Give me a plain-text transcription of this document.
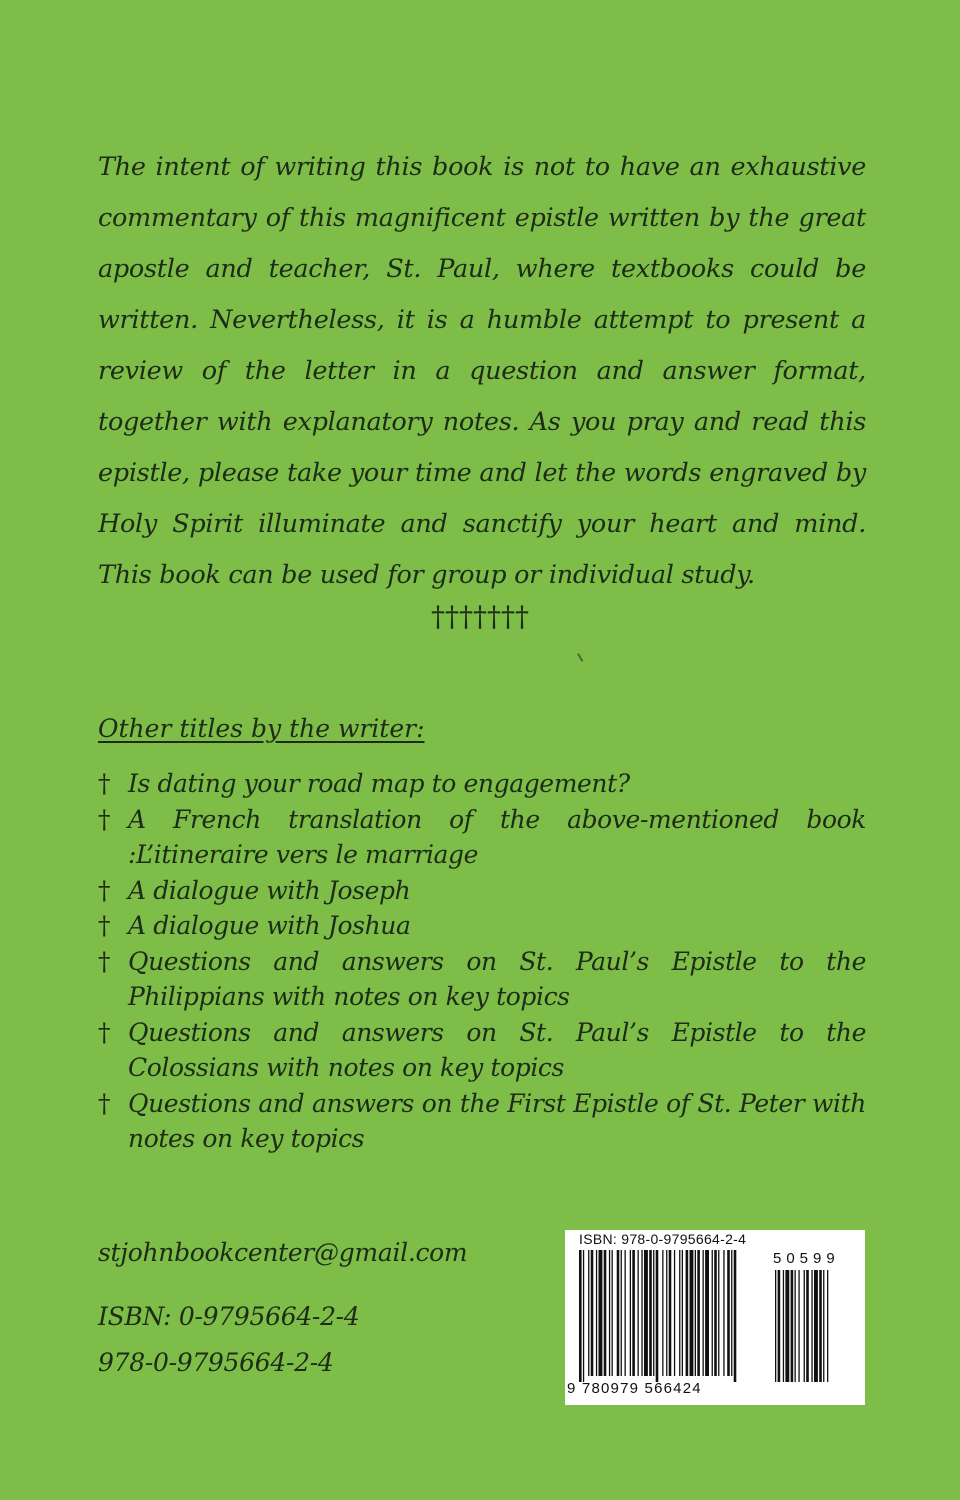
The intent of writing this book is not to have an exhaustive commentary of this magnificent epistle written by the great apostle and teacher, St. Paul, where textbooks could be written. Nevertheless, it is a humble attempt to present a review of the letter in a question and answer format, together with explanatory notes. As you pray and read this epistle, please take your time and let the words engraved by Holy Spirit illuminate and sanctify your heart and mind. This book can be used for group or individual study.

†††††††

Other titles by the writer:

† Is dating your road map to engagement?
† A French translation of the above-mentioned book :L’itineraire vers le marriage
† A dialogue with Joseph
† A dialogue with Joshua
† Questions and answers on St. Paul’s Epistle to the Philippians with notes on key topics
† Questions and answers on St. Paul’s Epistle to the Colossians with notes on key topics
† Questions and answers on the First Epistle of St. Peter with notes on key topics

stjohnbookcenter@gmail.com

ISBN: 0-9795664-2-4

978-0-9795664-2-4

ISBN: 978-0-9795664-2-4
50599
9 780979 566424
